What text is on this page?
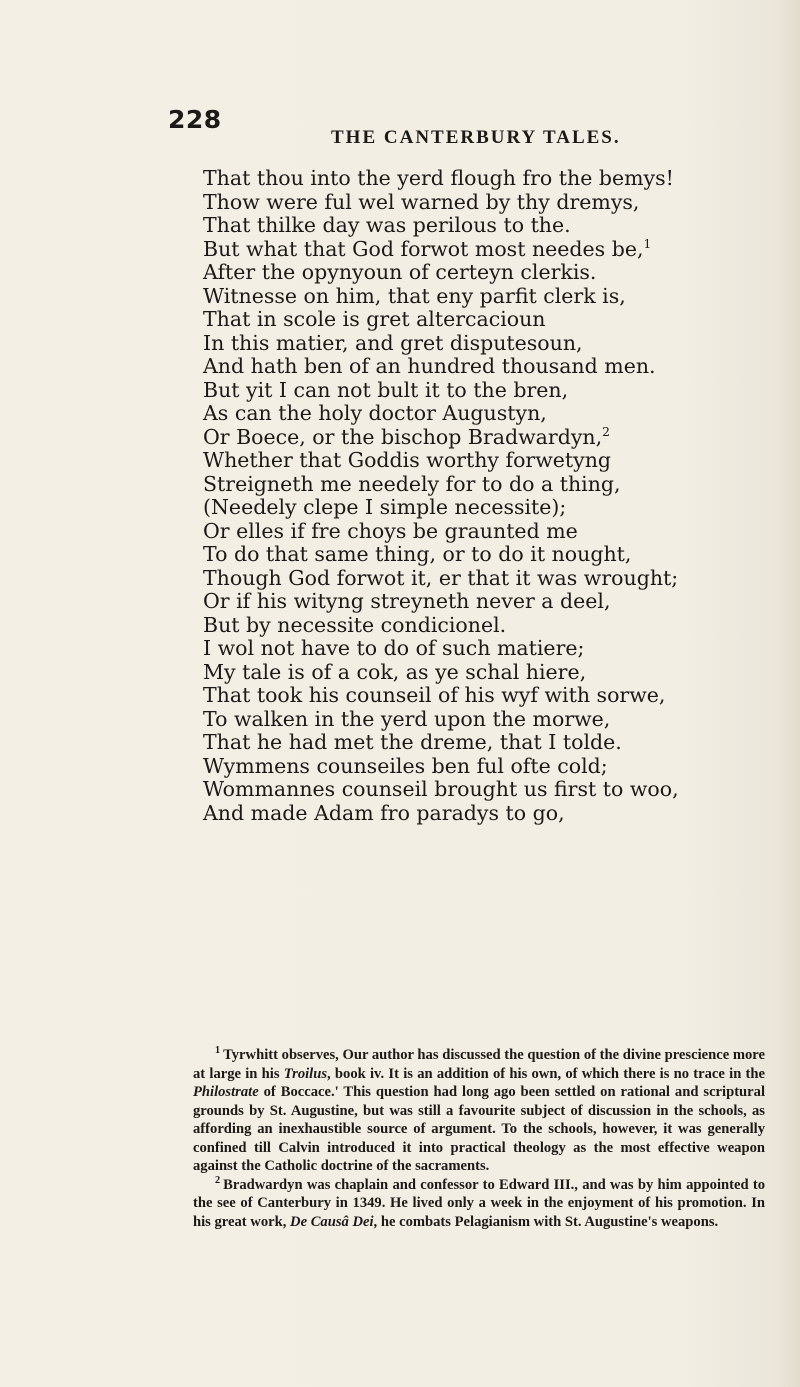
228
THE CANTERBURY TALES.
That thou into the yerd flough fro the bemys!
Thow were ful wel warned by thy dremys,
That thilke day was perilous to the.
But what that God forwot most needes be,$^1$
After the opynyoun of certeyn clerkis.
Witnesse on him, that eny parfit clerk is,
That in scole is gret altercacioun
In this matier, and gret disputesoun,
And hath ben of an hundred thousand men.
But yit I can not bult it to the bren,
As can the holy doctor Augustyn,
Or Boece, or the bischop Bradwardyn,$^2$
Whether that Goddis worthy forwetyng
Streigneth me needely for to do a thing,
(Needely clepe I simple necessite);
Or elles if fre choys be graunted me
To do that same thing, or to do it nought,
Though God forwot it, er that it was wrought;
Or if his wityng streyneth never a deel,
But by necessite condicionel.
I wol not have to do of such matiere;
My tale is of a cok, as ye schal hiere,
That took his counseil of his wyf with sorwe,
To walken in the yerd upon the morwe,
That he had met the dreme, that I tolde.
Wymmens counseiles ben ful ofte cold;
Wommannes counseil brought us first to woo,
And made Adam fro paradys to go,

$^1$ Tyrwhitt observes, Our author has discussed the question of the divine prescience more at large in his Troilus, book iv. It is an addition of his own, of which there is no trace in the Philostrate of Boccace.' This question had long ago been settled on rational and scriptural grounds by St. Augustine, but was still a favourite subject of discussion in the schools, as affording an inexhaustible source of argument. To the schools, however, it was generally confined till Calvin introduced it into practical theology as the most effective weapon against the Catholic doctrine of the sacraments.

$^2$ Bradwardyn was chaplain and confessor to Edward III., and was by him appointed to the see of Canterbury in 1349. He lived only a week in the enjoyment of his promotion. In his great work, De Causâ Dei, he combats Pelagianism with St. Augustine's weapons.
